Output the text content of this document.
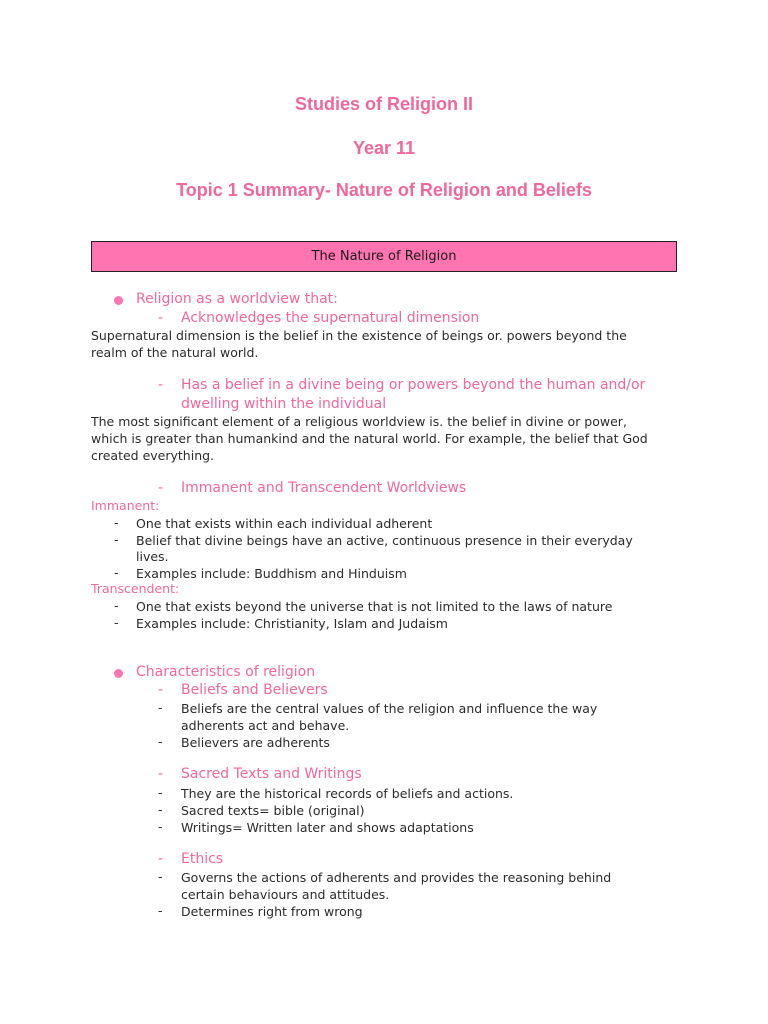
Studies of Religion II
Year 11
Topic 1 Summary- Nature of Religion and Beliefs
The Nature of Religion
Religion as a worldview that:
- Acknowledges the supernatural dimension
Supernatural dimension is the belief in the existence of beings or. powers beyond the
realm of the natural world.
- Has a belief in a divine being or powers beyond the human and/or
dwelling within the individual
The most significant element of a religious worldview is. the belief in divine or power,
which is greater than humankind and the natural world. For example, the belief that God
created everything.
- Immanent and Transcendent Worldviews
Immanent:
- One that exists within each individual adherent
- Belief that divine beings have an active, continuous presence in their everyday
lives.
- Examples include: Buddhism and Hinduism
Transcendent:
- One that exists beyond the universe that is not limited to the laws of nature
- Examples include: Christianity, Islam and Judaism
Characteristics of religion
- Beliefs and Believers
- Beliefs are the central values of the religion and influence the way
adherents act and behave.
- Believers are adherents
- Sacred Texts and Writings
- They are the historical records of beliefs and actions.
- Sacred texts= bible (original)
- Writings= Written later and shows adaptations
- Ethics
- Governs the actions of adherents and provides the reasoning behind
certain behaviours and attitudes.
- Determines right from wrong
